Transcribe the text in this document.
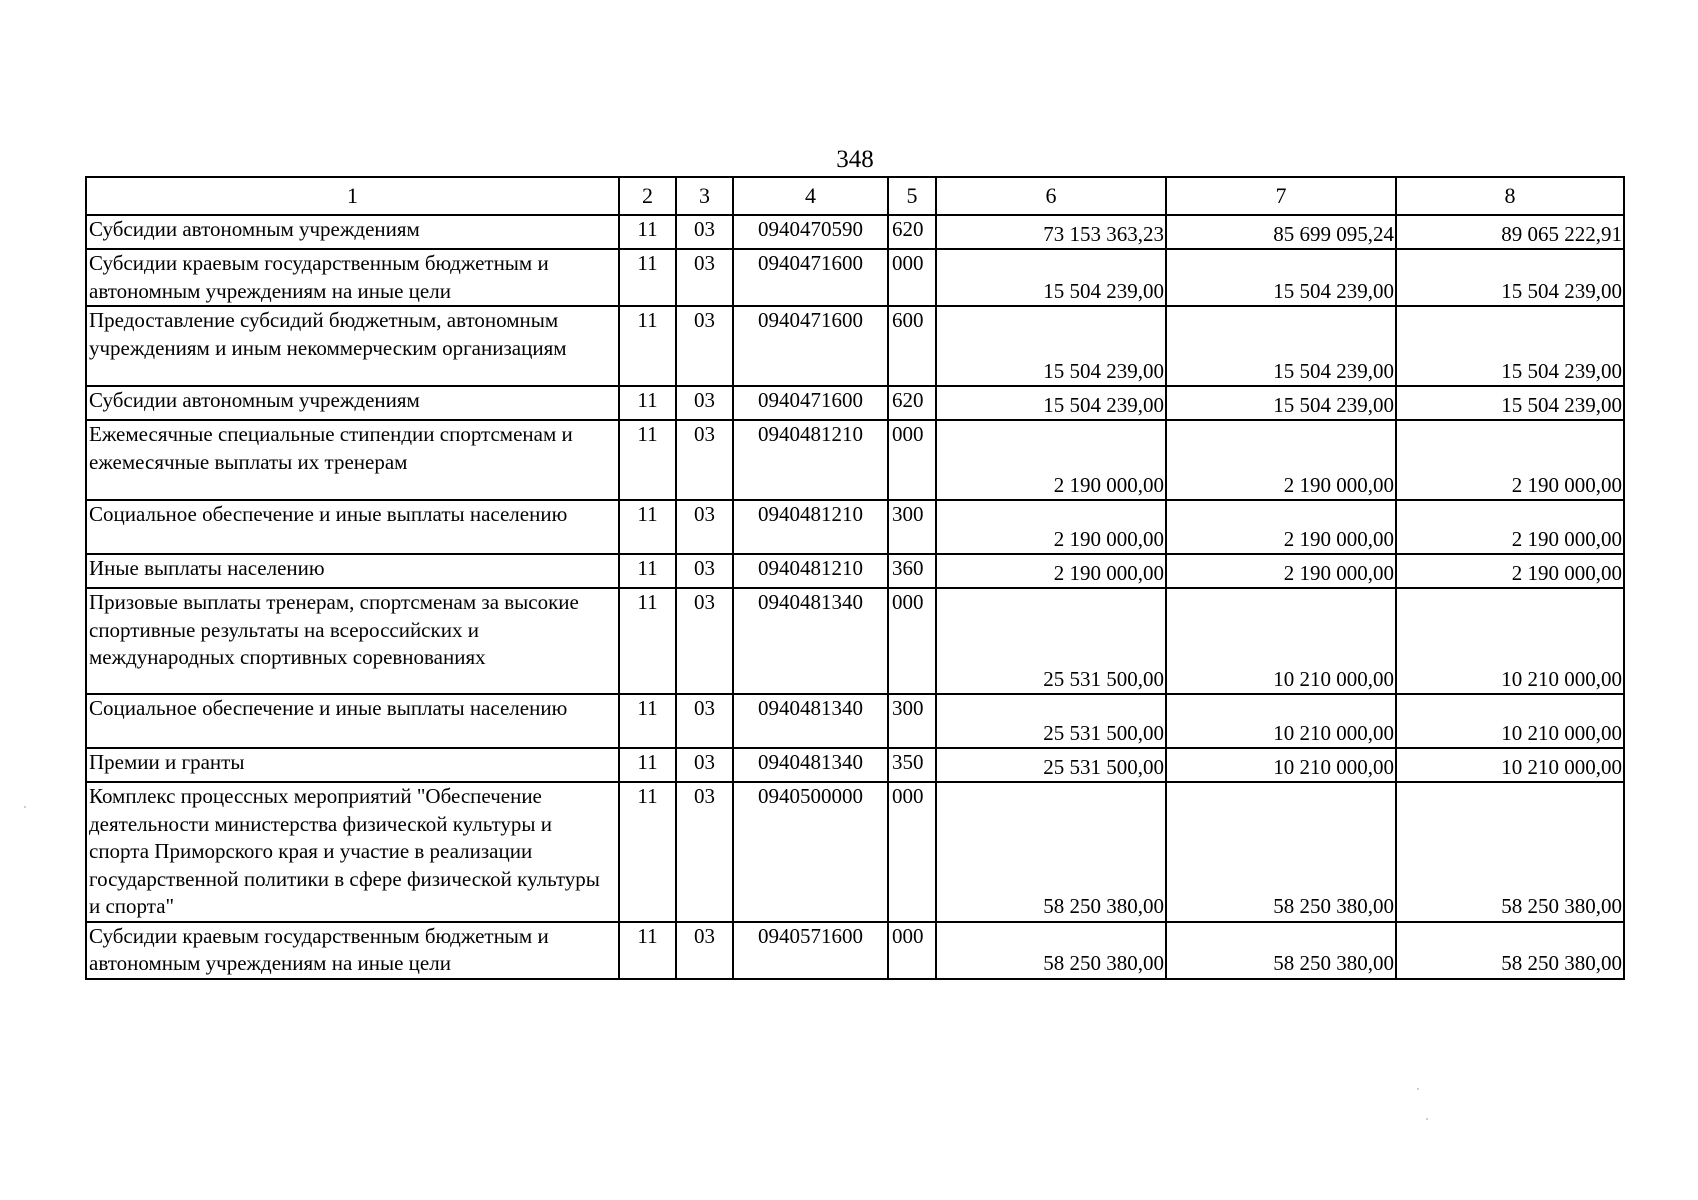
348
1	2	3	4	5	6	7	8
Субсидии автономным учреждениям	11	03	0940470590	620	73 153 363,23	85 699 095,24	89 065 222,91
Субсидии краевым государственным бюджетным и автономным учреждениям на иные цели	11	03	0940471600	000	15 504 239,00	15 504 239,00	15 504 239,00
Предоставление субсидий бюджетным, автономным учреждениям и иным некоммерческим организациям	11	03	0940471600	600	15 504 239,00	15 504 239,00	15 504 239,00
Субсидии автономным учреждениям	11	03	0940471600	620	15 504 239,00	15 504 239,00	15 504 239,00
Ежемесячные специальные стипендии спортсменам и ежемесячные выплаты их тренерам	11	03	0940481210	000	2 190 000,00	2 190 000,00	2 190 000,00
Социальное обеспечение и иные выплаты населению	11	03	0940481210	300	2 190 000,00	2 190 000,00	2 190 000,00
Иные выплаты населению	11	03	0940481210	360	2 190 000,00	2 190 000,00	2 190 000,00
Призовые выплаты тренерам, спортсменам за высокие спортивные результаты на всероссийских и международных спортивных соревнованиях	11	03	0940481340	000	25 531 500,00	10 210 000,00	10 210 000,00
Социальное обеспечение и иные выплаты населению	11	03	0940481340	300	25 531 500,00	10 210 000,00	10 210 000,00
Премии и гранты	11	03	0940481340	350	25 531 500,00	10 210 000,00	10 210 000,00
Комплекс процессных мероприятий "Обеспечение деятельности министерства физической культуры и спорта Приморского края и участие в реализации государственной политики в сфере физической культуры и спорта"	11	03	0940500000	000	58 250 380,00	58 250 380,00	58 250 380,00
Субсидии краевым государственным бюджетным и автономным учреждениям на иные цели	11	03	0940571600	000	58 250 380,00	58 250 380,00	58 250 380,00
